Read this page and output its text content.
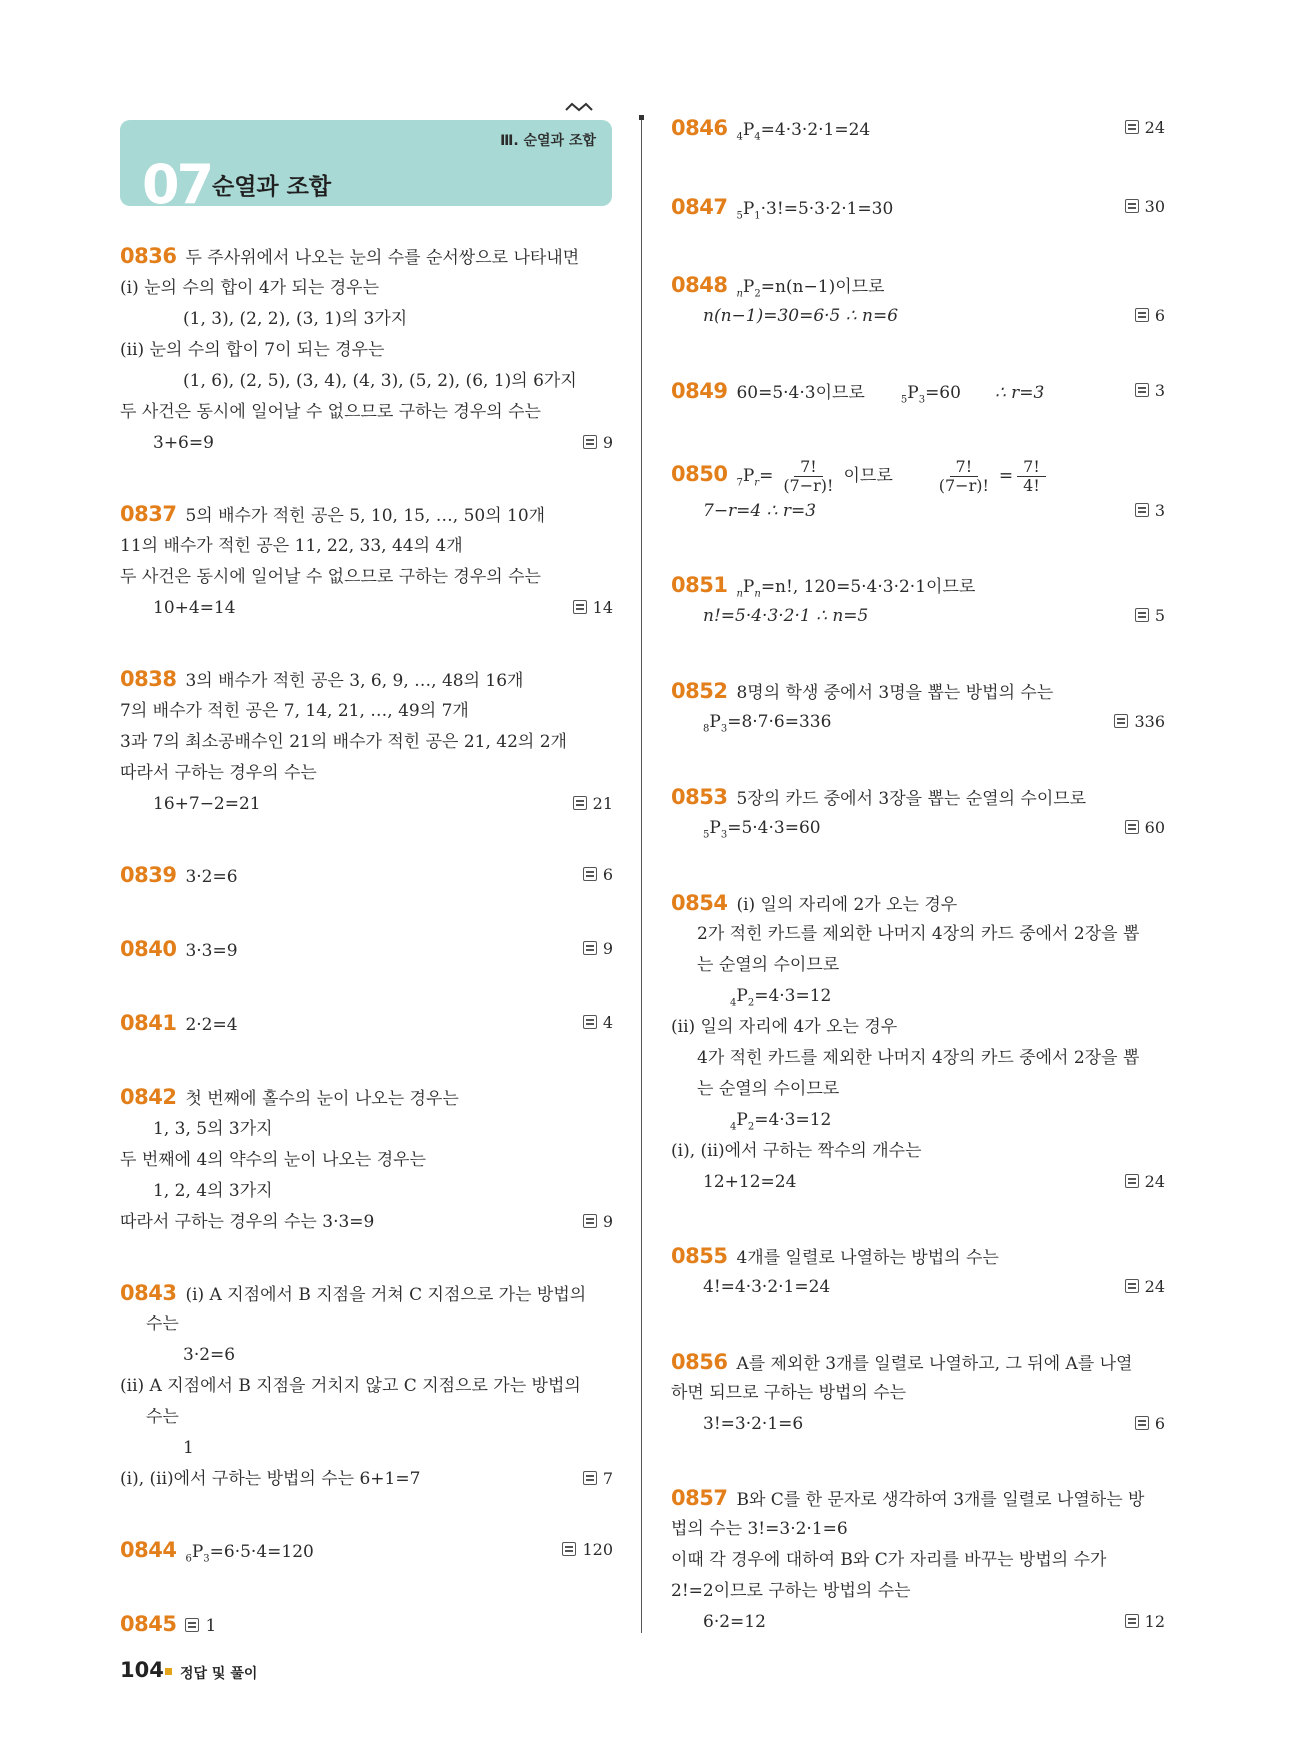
Ⅲ. 순열과 조합
07 순열과 조합
0836 두 주사위에서 나오는 눈의 수를 순서쌍으로 나타내면
(i) 눈의 수의 합이 4가 되는 경우는
(1, 3), (2, 2), (3, 1)의 3가지
(ii) 눈의 수의 합이 7이 되는 경우는
(1, 6), (2, 5), (3, 4), (4, 3), (5, 2), (6, 1)의 6가지
두 사건은 동시에 일어날 수 없으므로 구하는 경우의 수는
3+6=9	9
0837 5의 배수가 적힌 공은 5, 10, 15, …, 50의 10개
11의 배수가 적힌 공은 11, 22, 33, 44의 4개
두 사건은 동시에 일어날 수 없으므로 구하는 경우의 수는
10+4=14	14
0838 3의 배수가 적힌 공은 3, 6, 9, …, 48의 16개
7의 배수가 적힌 공은 7, 14, 21, …, 49의 7개
3과 7의 최소공배수인 21의 배수가 적힌 공은 21, 42의 2개
따라서 구하는 경우의 수는
16+7−2=21	21
0839 3·2=6	6
0840 3·3=9	9
0841 2·2=4	4
0842 첫 번째에 홀수의 눈이 나오는 경우는
1, 3, 5의 3가지
두 번째에 4의 약수의 눈이 나오는 경우는
1, 2, 4의 3가지
따라서 구하는 경우의 수는 3·3=9	9
0843 (i) A 지점에서 B 지점을 거쳐 C 지점으로 가는 방법의
수는
3·2=6
(ii) A 지점에서 B 지점을 거치지 않고 C 지점으로 가는 방법의
수는
1
(i), (ii)에서 구하는 방법의 수는 6+1=7	7
0844 $_6P_3=6\cdot 5\cdot 4=120$	120
0845 1
0846 $_4P_4=4\cdot 3\cdot 2\cdot 1=24$	24
0847 $_5P_1\cdot 3!=5\cdot 3\cdot 2\cdot 1=30$	30
0848 $_nP_2=n(n-1)$이므로
n(n−1)=30=6·5 ∴ n=6	6
0849 60=5·4·3이므로	$_5P_3=60$ ∴ r=3	3
0850 $_7P_r= \frac{7!}{(7-r)!}$ 이므로	$\frac{7!}{(7-r)!} = \frac{7!}{4!}$
7−r=4 ∴ r=3	3
0851 $_nP_n=n$!, 120=5·4·3·2·1이므로
n!=5·4·3·2·1 ∴ n=5	5
0852 8명의 학생 중에서 3명을 뽑는 방법의 수는
$_8P_3=8\cdot 7\cdot 6=336$	336
0853 5장의 카드 중에서 3장을 뽑는 순열의 수이므로
$_5P_3=5\cdot 4\cdot 3=60$	60
0854 (i) 일의 자리에 2가 오는 경우
2가 적힌 카드를 제외한 나머지 4장의 카드 중에서 2장을 뽑
는 순열의 수이므로
$_4P_2=4\cdot 3=12$
(ii) 일의 자리에 4가 오는 경우
4가 적힌 카드를 제외한 나머지 4장의 카드 중에서 2장을 뽑
는 순열의 수이므로
$_4P_2=4\cdot 3=12$
(i), (ii)에서 구하는 짝수의 개수는
12+12=24	24
0855 4개를 일렬로 나열하는 방법의 수는
4!=4·3·2·1=24	24
0856 A를 제외한 3개를 일렬로 나열하고, 그 뒤에 A를 나열
하면 되므로 구하는 방법의 수는
3!=3·2·1=6	6
0857 B와 C를 한 문자로 생각하여 3개를 일렬로 나열하는 방
법의 수는 3!=3·2·1=6
이때 각 경우에 대하여 B와 C가 자리를 바꾸는 방법의 수가
2!=2이므로 구하는 방법의 수는
6·2=12	12
104 정답 및 풀이
